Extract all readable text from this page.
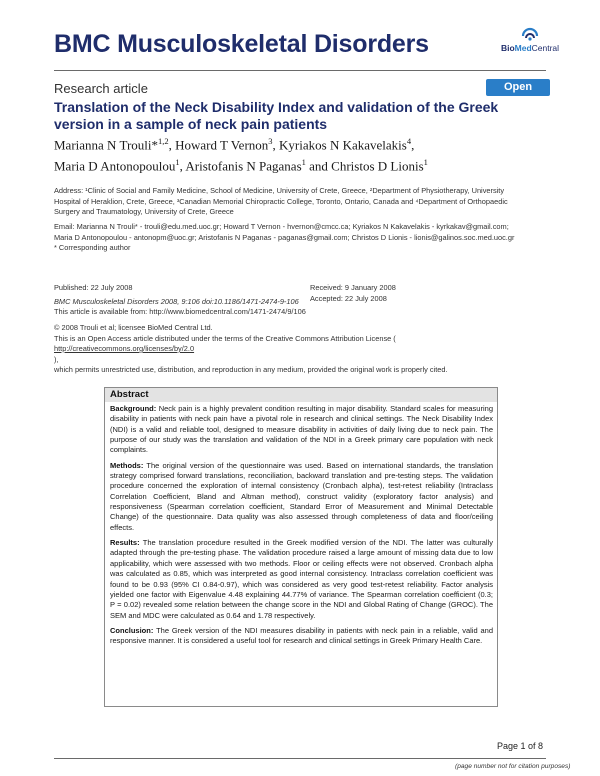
BMC Musculoskeletal Disorders	BioMedCentral
Research article	Open Access
Translation of the Neck Disability Index and validation of the Greek version in a sample of neck pain patients
Marianna N Trouli*$^{1,2}$, Howard T Vernon$^3$, Kyriakos N Kakavelakis$^4$,
Maria D Antonopoulou$^1$, Aristofanis N Paganas$^1$ and Christos D Lionis$^1$
Address: ¹Clinic of Social and Family Medicine, School of Medicine, University of Crete, Greece, ²Department of Physiotherapy, University
Hospital of Heraklion, Crete, Greece, ³Canadian Memorial Chiropractic College, Toronto, Ontario, Canada and ⁴Department of Orthopaedic
Surgery and Traumatology, University of Crete, Greece
Email: Marianna N Trouli* - trouli@edu.med.uoc.gr; Howard T Vernon - hvernon@cmcc.ca; Kyriakos N Kakavelakis - kyrkakav@gmail.com;
Maria D Antonopoulou - antonopm@uoc.gr; Aristofanis N Paganas - paganas@gmail.com; Christos D Lionis - lionis@galinos.soc.med.uoc.gr
* Corresponding author
Published: 22 July 2008
BMC Musculoskeletal Disorders 2008, 9:106 doi:10.1186/1471-2474-9-106
Received: 9 January 2008
Accepted: 22 July 2008
This article is available from: http://www.biomedcentral.com/1471-2474/9/106
© 2008 Trouli et al; licensee BioMed Central Ltd.
This is an Open Access article distributed under the terms of the Creative Commons Attribution License (
http://creativecommons.org/licenses/by/2.0
),
which permits unrestricted use, distribution, and reproduction in any medium, provided the original work is properly cited.
Abstract

Background: Neck pain is a highly prevalent condition resulting in major disability. Standard scales for measuring disability in patients with neck pain have a pivotal role in research and clinical settings. The Neck Disability Index (NDI) is a valid and reliable tool, designed to measure disability in activities of daily living due to neck pain. The purpose of our study was the translation and validation of the NDI in a Greek primary care population with neck complaints.

Methods: The original version of the questionnaire was used. Based on international standards, the translation strategy comprised forward translations, reconciliation, backward translation and pre-testing steps. The validation procedure concerned the exploration of internal consistency (Cronbach alpha), test-retest reliability (Intraclass Correlation Coefficient, Bland and Altman method), construct validity (exploratory factor analysis) and responsiveness (Spearman correlation coefficient, Standard Error of Measurement and Minimal Detectable Change) of the questionnaire. Data quality was also assessed through completeness of data and floor/ceiling effects.

Results: The translation procedure resulted in the Greek modified version of the NDI. The latter was culturally adapted through the pre-testing phase. The validation procedure raised a large amount of missing data due to low applicability, which were assessed with two methods. Floor or ceiling effects were not observed. Cronbach alpha was calculated as 0.85, which was interpreted as good internal consistency. Intraclass correlation coefficient was found to be 0.93 (95% CI 0.84-0.97), which was considered as very good test-retest reliability. Factor analysis yielded one factor with Eigenvalue 4.48 explaining 44.77% of variance. The Spearman correlation coefficient (0.3; P = 0.02) revealed some relation between the change score in the NDI and Global Rating of Change (GROC). The SEM and MDC were calculated as 0.64 and 1.78 respectively.

Conclusion: The Greek version of the NDI measures disability in patients with neck pain in a reliable, valid and responsive manner. It is considered a useful tool for research and clinical settings in Greek Primary Health Care.

Page 1 of 8
(page number not for citation purposes)
